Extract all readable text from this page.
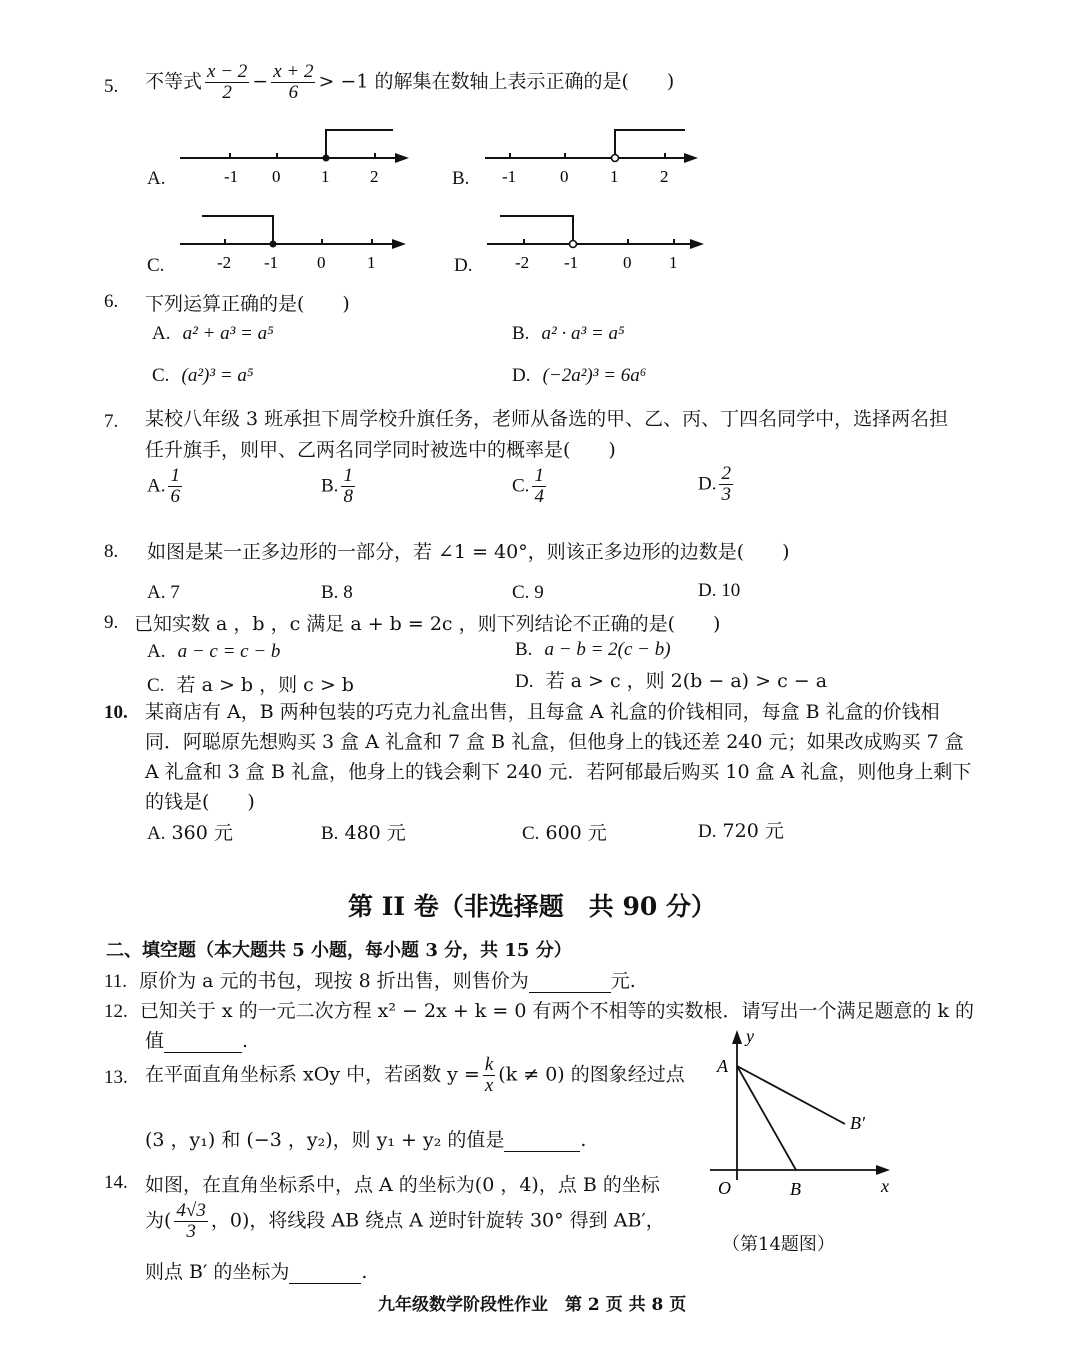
5. 不等式 $\frac{x - 2}{2} - \frac{x + 2}{6} > -1$ 的解集在数轴上表示正确的是(　　)
A.	-1 0 1 2	B. -1	0 1 2
C.	-2 -1 0 1	D.	-2 -1	0 1
6. 下列运算正确的是(　　)
A. a² + a³ = a⁵	B. a² · a³ = a⁵
C. (a²)³ = a⁵	D. (−2a²)³ = 6a⁶
7. 某校八年级 3 班承担下周学校升旗任务，老师从备选的甲、乙、丙、丁四名同学中，选择两名担
任升旗手，则甲、乙两名同学同时被选中的概率是(　　)
A. $\frac{1}{6}$	B. $\frac{1}{8}$	C. $\frac{1}{4}$	D. $\frac{2}{3}$
8. 如图是某一正多边形的一部分，若 ∠1 = 40°，则该正多边形的边数是(　　)
A. 7	B. 8	C. 9	D. 10
9. 已知实数 a ，b ，c 满足 a + b = 2c ，则下列结论不正确的是(　　)
A. a − c = c − b	B. a − b = 2(c − b)
C. 若 a > b ，则 c > b	D. 若 a > c ，则 2(b − a) > c − a
10. 某商店有 A，B 两种包装的巧克力礼盒出售，且每盒 A 礼盒的价钱相同，每盒 B 礼盒的价钱相
同．阿聪原先想购买 3 盒 A 礼盒和 7 盒 B 礼盒，但他身上的钱还差 240 元；如果改成购买 7 盒
A 礼盒和 3 盒 B 礼盒，他身上的钱会剩下 240 元．若阿郁最后购买 10 盒 A 礼盒，则他身上剩下
的钱是(　　)
A. 360 元	B. 480 元	C. 600 元	D. 720 元
第 II 卷（非选择题　共 90 分）
二、填空题（本大题共 5 小题，每小题 3 分，共 15 分）
11. 原价为 a 元的书包，现按 8 折出售，则售价为	元.
12. 已知关于 x 的一元二次方程 x² − 2x + k = 0 有两个不相等的实数根．请写出一个满足题意的 k 的
值	.
13. 在平面直角坐标系 xOy 中，若函数 $y = \frac{k}{x} (k \ne 0)$ 的图象经过点
(3 ，y₁) 和 (−3 ，y₂)，则 y₁ + y₂ 的值是	.
14. 如图，在直角坐标系中，点 A 的坐标为(0 ，4)，点 B 的坐标
为( $\frac{4√3}{3}$ ，0)，将线段 AB 绕点 A 逆时针旋转 30° 得到 AB′，
则点 B′ 的坐标为	.
y
x
O
A
B
B′
（第14题图）
九年级数学阶段性作业　第 2 页 共 8 页
